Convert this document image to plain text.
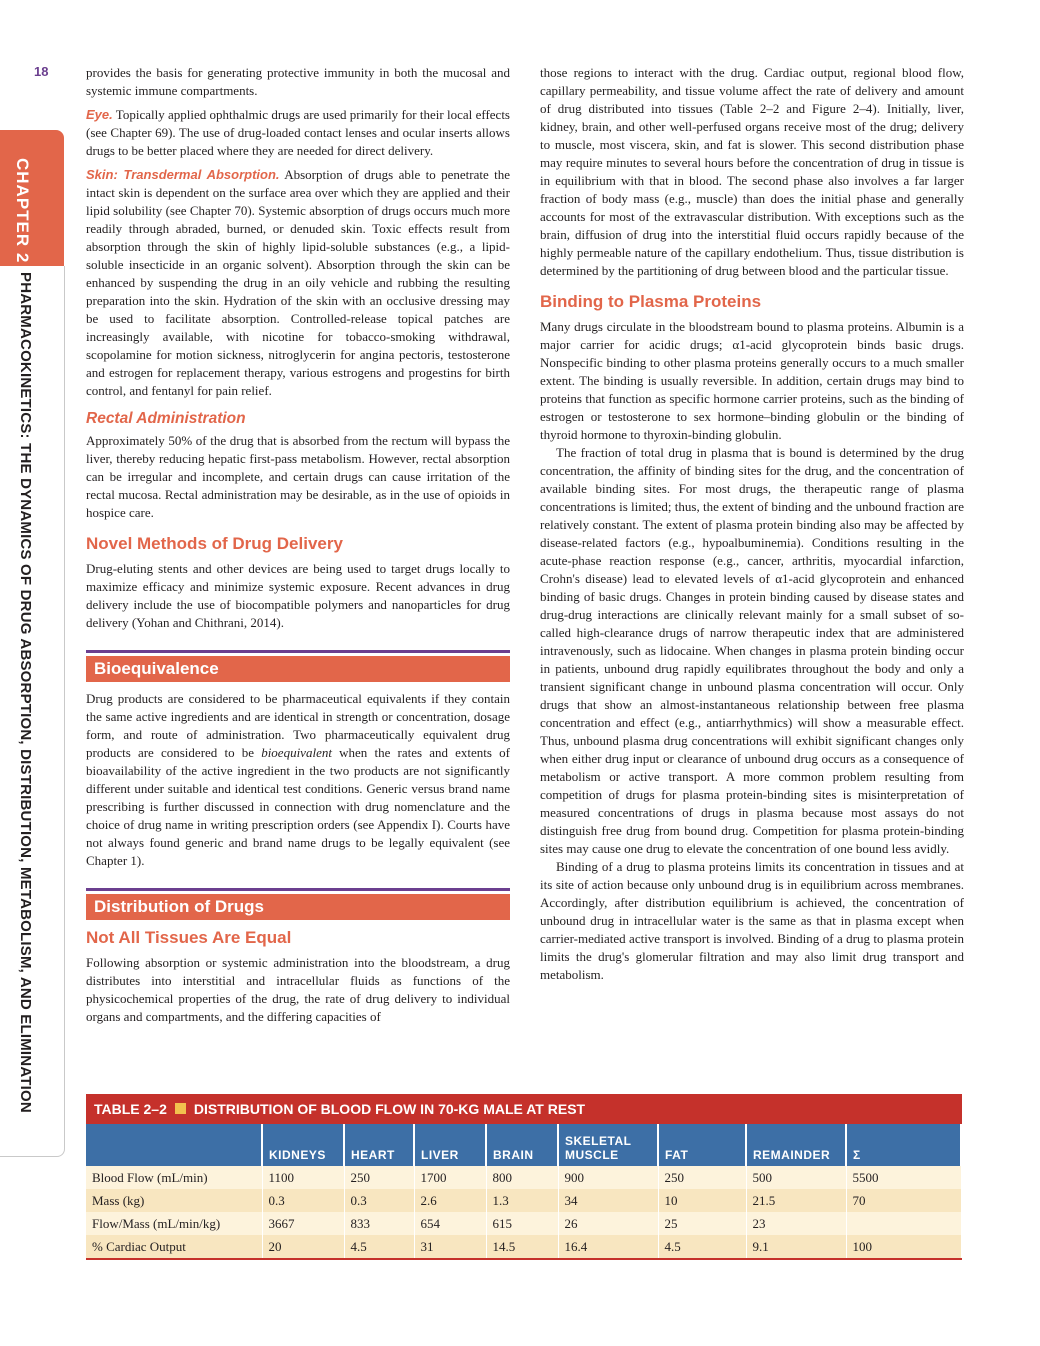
18
CHAPTER 2
PHARMACOKINETICS: THE DYNAMICS OF DRUG ABSORPTION, DISTRIBUTION, METABOLISM, AND ELIMINATION

provides the basis for generating protective immunity in both the mucosal and systemic immune compartments.

Eye. Topically applied ophthalmic drugs are used primarily for their local effects (see Chapter 69). The use of drug-loaded contact lenses and ocular inserts allows drugs to be better placed where they are needed for direct delivery.

Skin: Transdermal Absorption. Absorption of drugs able to penetrate the intact skin is dependent on the surface area over which they are applied and their lipid solubility (see Chapter 70). Systemic absorption of drugs occurs much more readily through abraded, burned, or denuded skin. Toxic effects result from absorption through the skin of highly lipid-soluble substances (e.g., a lipid-soluble insecticide in an organic solvent). Absorption through the skin can be enhanced by suspending the drug in an oily vehicle and rubbing the resulting preparation into the skin. Hydration of the skin with an occlusive dressing may be used to facilitate absorption. Controlled-release topical patches are increasingly available, with nicotine for tobacco-smoking withdrawal, scopolamine for motion sickness, nitroglycerin for angina pectoris, testosterone and estrogen for replacement therapy, various estrogens and progestins for birth control, and fentanyl for pain relief.

Rectal Administration

Approximately 50% of the drug that is absorbed from the rectum will bypass the liver, thereby reducing hepatic first-pass metabolism. However, rectal absorption can be irregular and incomplete, and certain drugs can cause irritation of the rectal mucosa. Rectal administration may be desirable, as in the use of opioids in hospice care.

Novel Methods of Drug Delivery

Drug-eluting stents and other devices are being used to target drugs locally to maximize efficacy and minimize systemic exposure. Recent advances in drug delivery include the use of biocompatible polymers and nanoparticles for drug delivery (Yohan and Chithrani, 2014).

Bioequivalence

Drug products are considered to be pharmaceutical equivalents if they contain the same active ingredients and are identical in strength or concentration, dosage form, and route of administration. Two pharmaceutically equivalent drug products are considered to be bioequivalent when the rates and extents of bioavailability of the active ingredient in the two products are not significantly different under suitable and identical test conditions. Generic versus brand name prescribing is further discussed in connection with drug nomenclature and the choice of drug name in writing prescription orders (see Appendix I). Courts have not always found generic and brand name drugs to be legally equivalent (see Chapter 1).

Distribution of Drugs
Not All Tissues Are Equal

Following absorption or systemic administration into the bloodstream, a drug distributes into interstitial and intracellular fluids as functions of the physicochemical properties of the drug, the rate of drug delivery to individual organs and compartments, and the differing capacities of

those regions to interact with the drug. Cardiac output, regional blood flow, capillary permeability, and tissue volume affect the rate of delivery and amount of drug distributed into tissues (Table 2–2 and Figure 2–4). Initially, liver, kidney, brain, and other well-perfused organs receive most of the drug; delivery to muscle, most viscera, skin, and fat is slower. This second distribution phase may require minutes to several hours before the concentration of drug in tissue is in equilibrium with that in blood. The second phase also involves a far larger fraction of body mass (e.g., muscle) than does the initial phase and generally accounts for most of the extravascular distribution. With exceptions such as the brain, diffusion of drug into the interstitial fluid occurs rapidly because of the highly permeable nature of the capillary endothelium. Thus, tissue distribution is determined by the partitioning of drug between blood and the particular tissue.

Binding to Plasma Proteins

Many drugs circulate in the bloodstream bound to plasma proteins. Albumin is a major carrier for acidic drugs; α1-acid glycoprotein binds basic drugs. Nonspecific binding to other plasma proteins generally occurs to a much smaller extent. The binding is usually reversible. In addition, certain drugs may bind to proteins that function as specific hormone carrier proteins, such as the binding of estrogen or testosterone to sex hormone–binding globulin or the binding of thyroid hormone to thyroxin-binding globulin.

The fraction of total drug in plasma that is bound is determined by the drug concentration, the affinity of binding sites for the drug, and the concentration of available binding sites. For most drugs, the therapeutic range of plasma concentrations is limited; thus, the extent of binding and the unbound fraction are relatively constant. The extent of plasma protein binding also may be affected by disease-related factors (e.g., hypoalbuminemia). Conditions resulting in the acute-phase reaction response (e.g., cancer, arthritis, myocardial infarction, Crohn's disease) lead to elevated levels of α1-acid glycoprotein and enhanced binding of basic drugs. Changes in protein binding caused by disease states and drug-drug interactions are clinically relevant mainly for a small subset of so-called high-clearance drugs of narrow therapeutic index that are administered intravenously, such as lidocaine. When changes in plasma protein binding occur in patients, unbound drug rapidly equilibrates throughout the body and only a transient significant change in unbound plasma concentration will occur. Only drugs that show an almost-instantaneous relationship between free plasma concentration and effect (e.g., antiarrhythmics) will show a measurable effect. Thus, unbound plasma drug concentrations will exhibit significant changes only when either drug input or clearance of unbound drug occurs as a consequence of metabolism or active transport. A more common problem resulting from competition of drugs for plasma protein-binding sites is misinterpretation of measured concentrations of drugs in plasma because most assays do not distinguish free drug from bound drug. Competition for plasma protein-binding sites may cause one drug to elevate the concentration of one bound less avidly.

Binding of a drug to plasma proteins limits its concentration in tissues and at its site of action because only unbound drug is in equilibrium across membranes. Accordingly, after distribution equilibrium is achieved, the concentration of unbound drug in intracellular water is the same as that in plasma except when carrier-mediated active transport is involved. Binding of a drug to plasma protein limits the drug's glomerular filtration and may also limit drug transport and metabolism.

TABLE 2–2 DISTRIBUTION OF BLOOD FLOW IN 70-KG MALE AT REST
	KIDNEYS	HEART	LIVER	BRAIN	SKELETAL MUSCLE	FAT	REMAINDER	Σ
Blood Flow (mL/min)	1100	250	1700	800	900	250	500	5500
Mass (kg)	0.3	0.3	2.6	1.3	34	10	21.5	70
Flow/Mass (mL/min/kg)	3667	833	654	615	26	25	23	
% Cardiac Output	20	4.5	31	14.5	16.4	4.5	9.1	100
